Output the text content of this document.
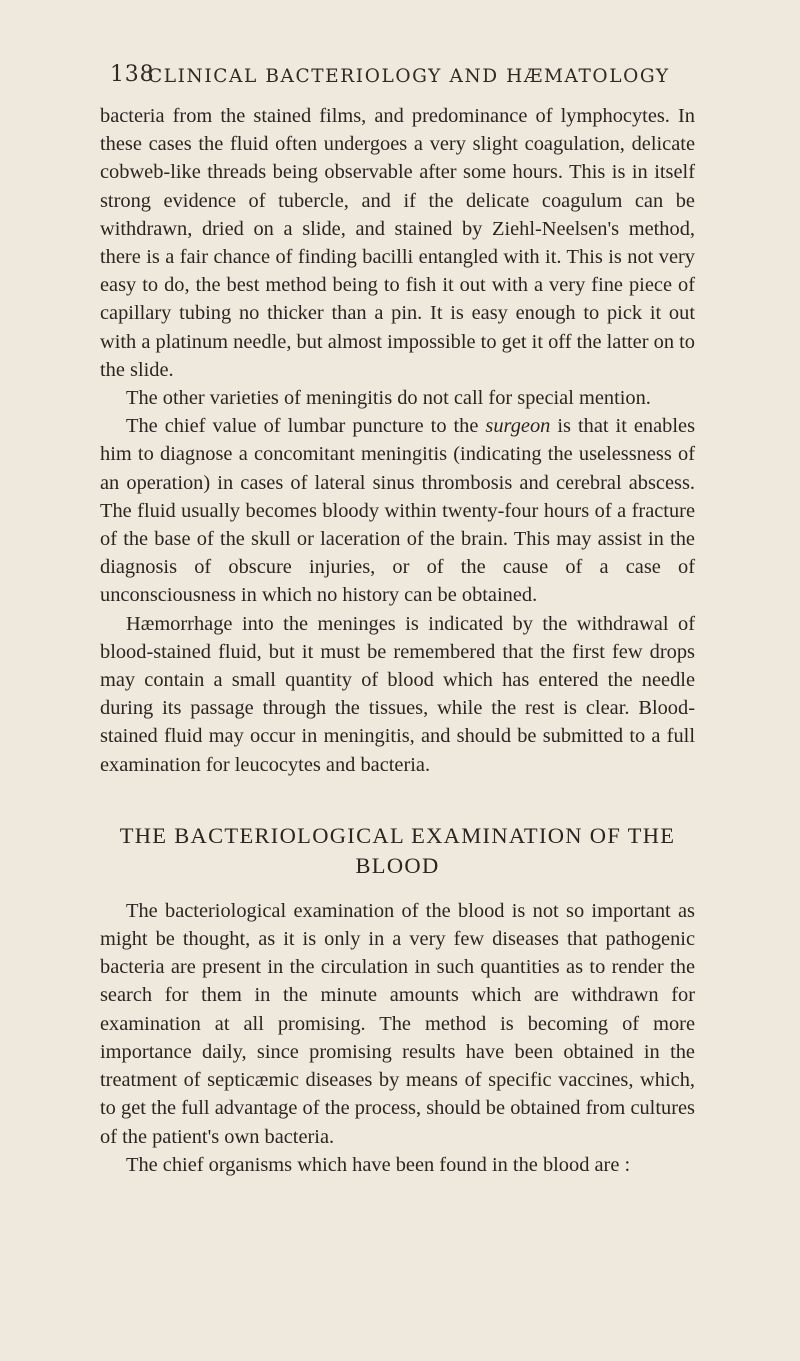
138
CLINICAL BACTERIOLOGY AND HÆMATOLOGY

bacteria from the stained films, and predominance of lymphocytes. In these cases the fluid often undergoes a very slight coagulation, delicate cobweb-like threads being observable after some hours. This is in itself strong evidence of tubercle, and if the delicate coagulum can be withdrawn, dried on a slide, and stained by Ziehl-Neelsen's method, there is a fair chance of finding bacilli entangled with it. This is not very easy to do, the best method being to fish it out with a very fine piece of capillary tubing no thicker than a pin. It is easy enough to pick it out with a platinum needle, but almost impossible to get it off the latter on to the slide.

The other varieties of meningitis do not call for special mention.

The chief value of lumbar puncture to the surgeon is that it enables him to diagnose a concomitant meningitis (indicating the uselessness of an operation) in cases of lateral sinus thrombosis and cerebral abscess. The fluid usually becomes bloody within twenty-four hours of a fracture of the base of the skull or laceration of the brain. This may assist in the diagnosis of obscure injuries, or of the cause of a case of unconsciousness in which no history can be obtained.

Hæmorrhage into the meninges is indicated by the withdrawal of blood-stained fluid, but it must be remembered that the first few drops may contain a small quantity of blood which has entered the needle during its passage through the tissues, while the rest is clear. Blood-stained fluid may occur in meningitis, and should be submitted to a full examination for leucocytes and bacteria.

THE BACTERIOLOGICAL EXAMINATION OF THE BLOOD

The bacteriological examination of the blood is not so important as might be thought, as it is only in a very few diseases that pathogenic bacteria are present in the circulation in such quantities as to render the search for them in the minute amounts which are withdrawn for examination at all promising. The method is becoming of more importance daily, since promising results have been obtained in the treatment of septicæmic diseases by means of specific vaccines, which, to get the full advantage of the process, should be obtained from cultures of the patient's own bacteria.

The chief organisms which have been found in the blood are :
